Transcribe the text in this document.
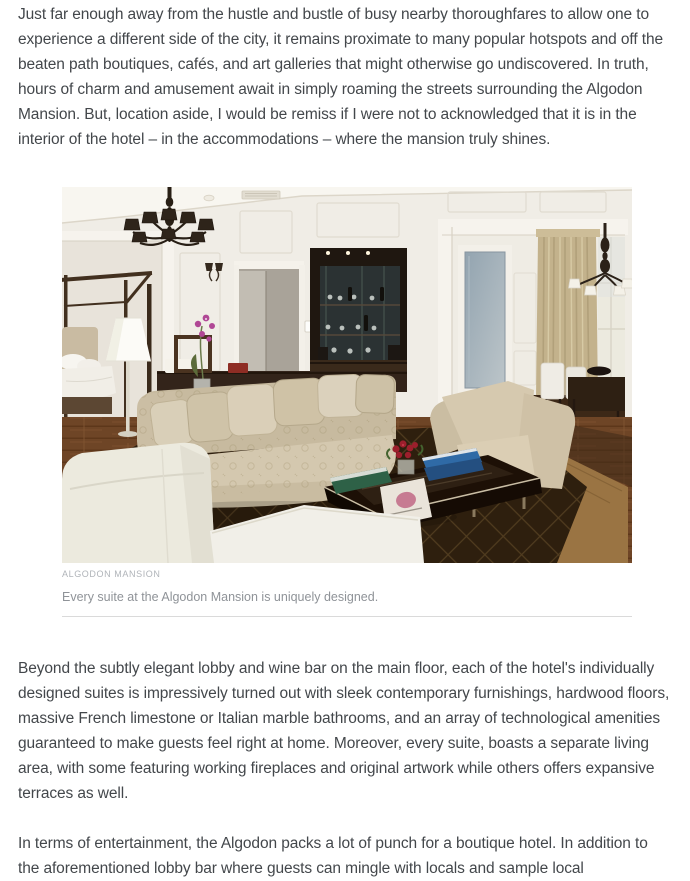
Just far enough away from the hustle and bustle of busy nearby thoroughfares to allow one to experience a different side of the city, it remains proximate to many popular hotspots and off the beaten path boutiques, cafés, and art galleries that might otherwise go undiscovered. In truth, hours of charm and amusement await in simply roaming the streets surrounding the Algodon Mansion. But, location aside, I would be remiss if I were not to acknowledged that it is in the interior of the hotel – in the accommodations – where the mansion truly shines.

ALGODON MANSION
Every suite at the Algodon Mansion is uniquely designed.

Beyond the subtly elegant lobby and wine bar on the main floor, each of the hotel's individually designed suites is impressively turned out with sleek contemporary furnishings, hardwood floors, massive French limestone or Italian marble bathrooms, and an array of technological amenities guaranteed to make guests feel right at home. Moreover, every suite, boasts a separate living area, with some featuring working fireplaces and original artwork while others offers expansive terraces as well.

In terms of entertainment, the Algodon packs a lot of punch for a boutique hotel. In addition to the aforementioned lobby bar where guests can mingle with locals and sample local
